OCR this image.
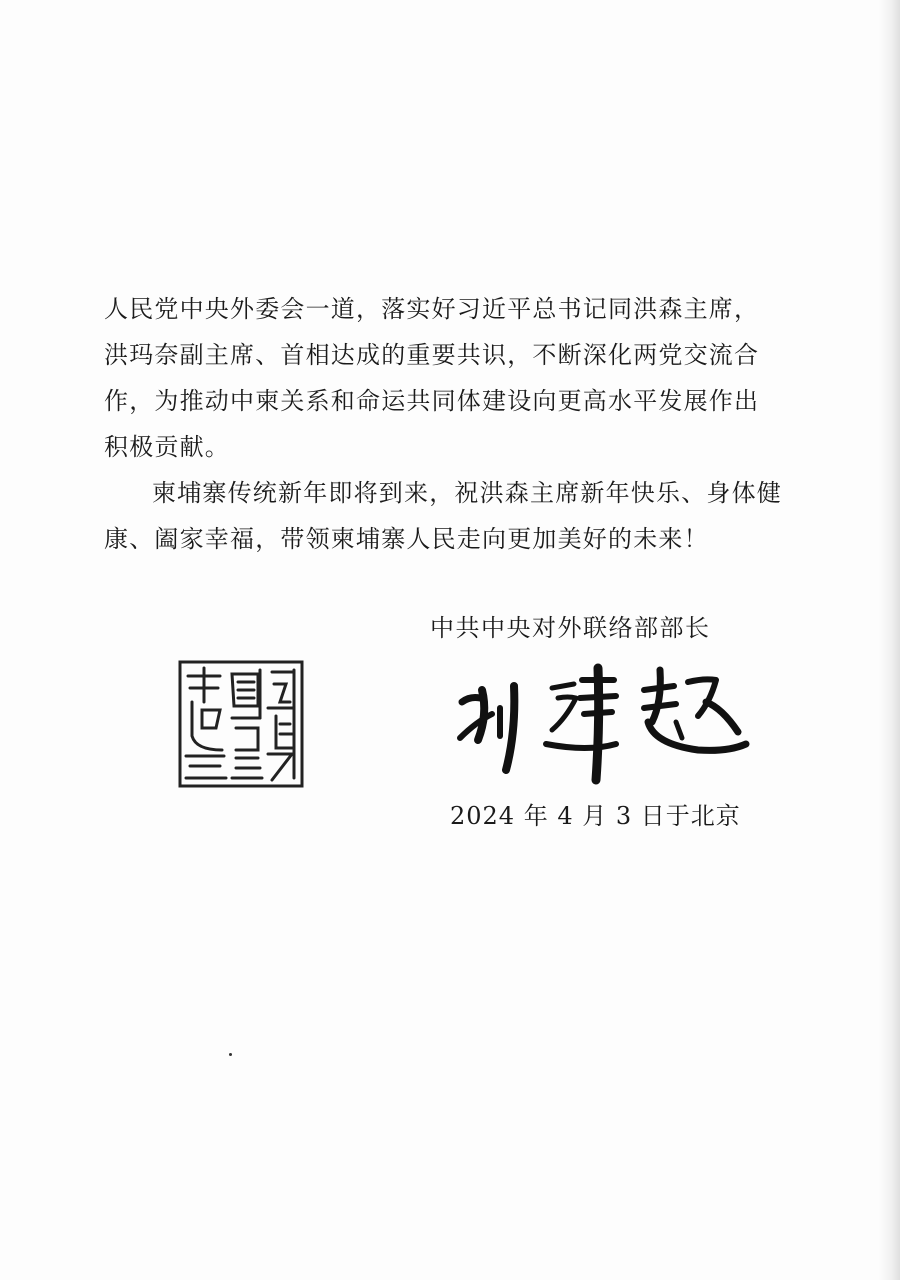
人民党中央外委会一道，落实好习近平总书记同洪森主席，洪玛奈副主席、首相达成的重要共识，不断深化两党交流合作，为推动中柬关系和命运共同体建设向更高水平发展作出积极贡献。

柬埔寨传统新年即将到来，祝洪森主席新年快乐、身体健康、阖家幸福，带领柬埔寨人民走向更加美好的未来！

中共中央对外联络部部长
2024 年 4 月 3 日于北京
